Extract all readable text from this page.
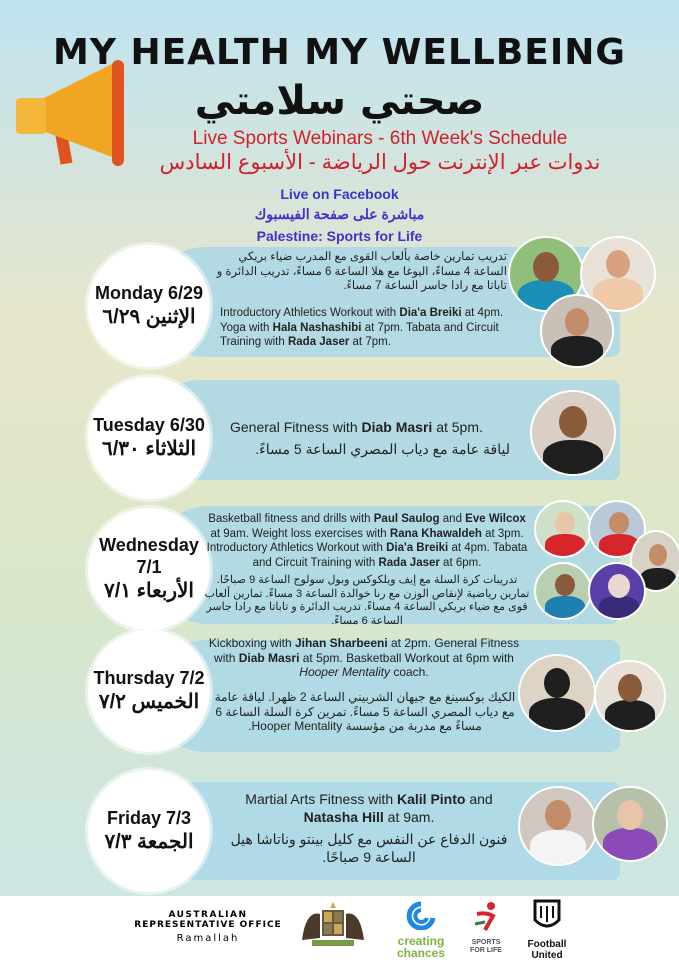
MY HEALTH MY WELLBEING
صحتي سلامتي
Live Sports Webinars - 6th Week's Schedule
ندوات عبر الإنترنت حول الرياضة - الأسبوع السادس
Live on Facebook
مباشرة على صفحة الفيسبوك
Palestine: Sports for Life
Monday 6/29
الإثنين ٦/٢٩
تدريب تمارين خاصة بألعاب القوى مع المدرب ضياء بريكي الساعة 4 مساءً، اليوغا مع هلا الساعة 6 مساءً، تدريب الدائرة و تاباتا مع رادا جاسر الساعة 7 مساءً.
Introductory Athletics Workout with Dia'a Breiki at 4pm. Yoga with Hala Nashashibi at 7pm. Tabata and Circuit Training with Rada Jaser at 7pm.
Tuesday 6/30
الثلاثاء ٦/٣٠
General Fitness with Diab Masri at 5pm.
لياقة عامة مع دياب المصري الساعة 5 مساءً.
Wednesday 7/1
الأربعاء ٧/١
Basketball fitness and drills with Paul Saulog and Eve Wilcox at 9am. Weight loss exercises with Rana Khawaldeh at 3pm. Introductory Athletics Workout with Dia'a Breiki at 4pm. Tabata and Circuit Training with Rada Jaser at 6pm.
تدريبات كرة السلة مع إيف ويلكوكس وبول سولوج الساعة 9 صباحًا. تمارين رياضية لإنقاص الوزن مع رنا خوالدة الساعة 3 مساءً. تمارين ألعاب قوى مع ضياء بريكي الساعة 4 مساءً. تدريب الدائرة و تاباتا مع رادا جاسر الساعة 6 مساءً.
Thursday 7/2
الخميس ٧/٢
Kickboxing with Jihan Sharbeeni at 2pm. General Fitness with Diab Masri at 5pm. Basketball Workout at 6pm with Hooper Mentality coach.
الكيك بوكسينغ مع جيهان الشربيني الساعة 2 ظهرا. لياقة عامة مع دياب المصري الساعة 5 مساءً. تمرين كرة السلة الساعة 6 مساءً مع مدربة من مؤسسة Hooper Mentality.
Friday 7/3
الجمعة ٧/٣
Martial Arts Fitness with Kalil Pinto and Natasha Hill at 9am.
فنون الدفاع عن النفس مع كليل بينتو وناتاشا هيل الساعة 9 صباحًا.
AUSTRALIAN
REPRESENTATIVE OFFICE
Ramallah	creating
chances
SPORTS
FOR LIFE
Football
United
